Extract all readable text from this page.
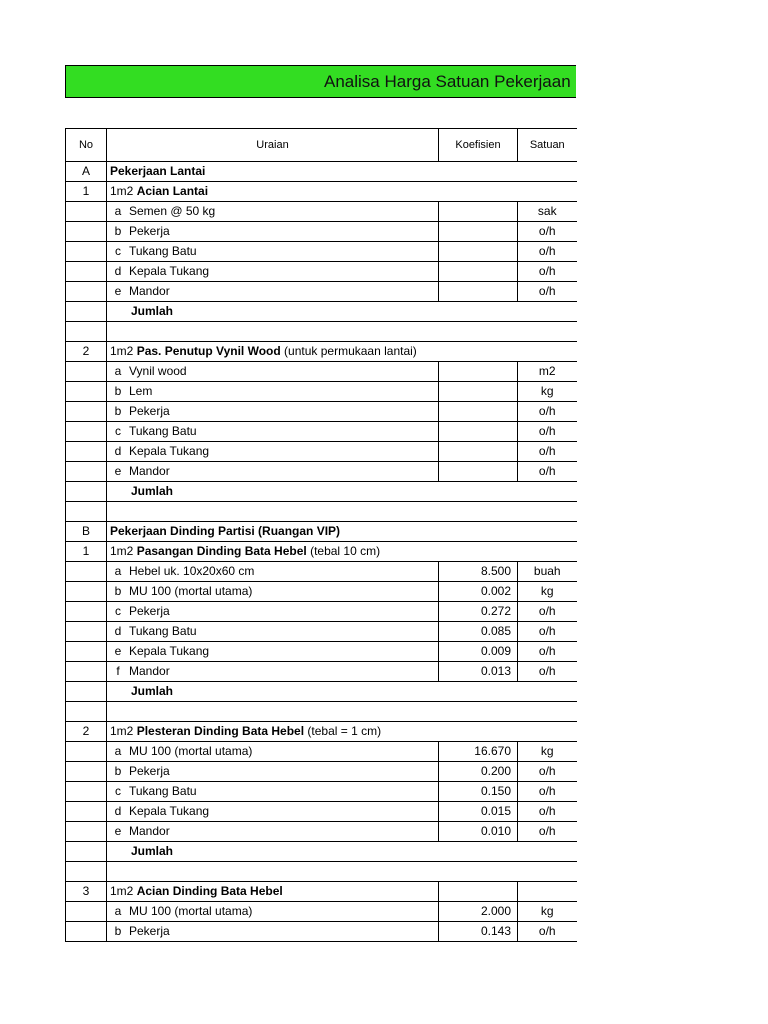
Analisa Harga Satuan Pekerjaan
No	Uraian	Koefisien	Satuan
A	Pekerjaan Lantai		
1	1m2 Acian Lantai		
	a Semen @ 50 kg		sak
	b Pekerja		o/h
	c Tukang Batu		o/h
	d Kepala Tukang		o/h
	e Mandor		o/h
	Jumlah		

2	1m2 Pas. Penutup Vynil Wood (untuk permukaan lantai)		
	a Vynil wood		m2
	b Lem		kg
	b Pekerja		o/h
	c Tukang Batu		o/h
	d Kepala Tukang		o/h
	e Mandor		o/h
	Jumlah		

B	Pekerjaan Dinding Partisi (Ruangan VIP)		
1	1m2 Pasangan Dinding Bata Hebel (tebal 10 cm)		
	a Hebel uk. 10x20x60 cm	8.500	buah
	b MU 100 (mortal utama)	0.002	kg
	c Pekerja	0.272	o/h
	d Tukang Batu	0.085	o/h
	e Kepala Tukang	0.009	o/h
	f Mandor	0.013	o/h
	Jumlah		

2	1m2 Plesteran Dinding Bata Hebel (tebal = 1 cm)		
	a MU 100 (mortal utama)	16.670	kg
	b Pekerja	0.200	o/h
	c Tukang Batu	0.150	o/h
	d Kepala Tukang	0.015	o/h
	e Mandor	0.010	o/h
	Jumlah		

3	1m2 Acian Dinding Bata Hebel		
	a MU 100 (mortal utama)	2.000	kg
	b Pekerja	0.143	o/h
